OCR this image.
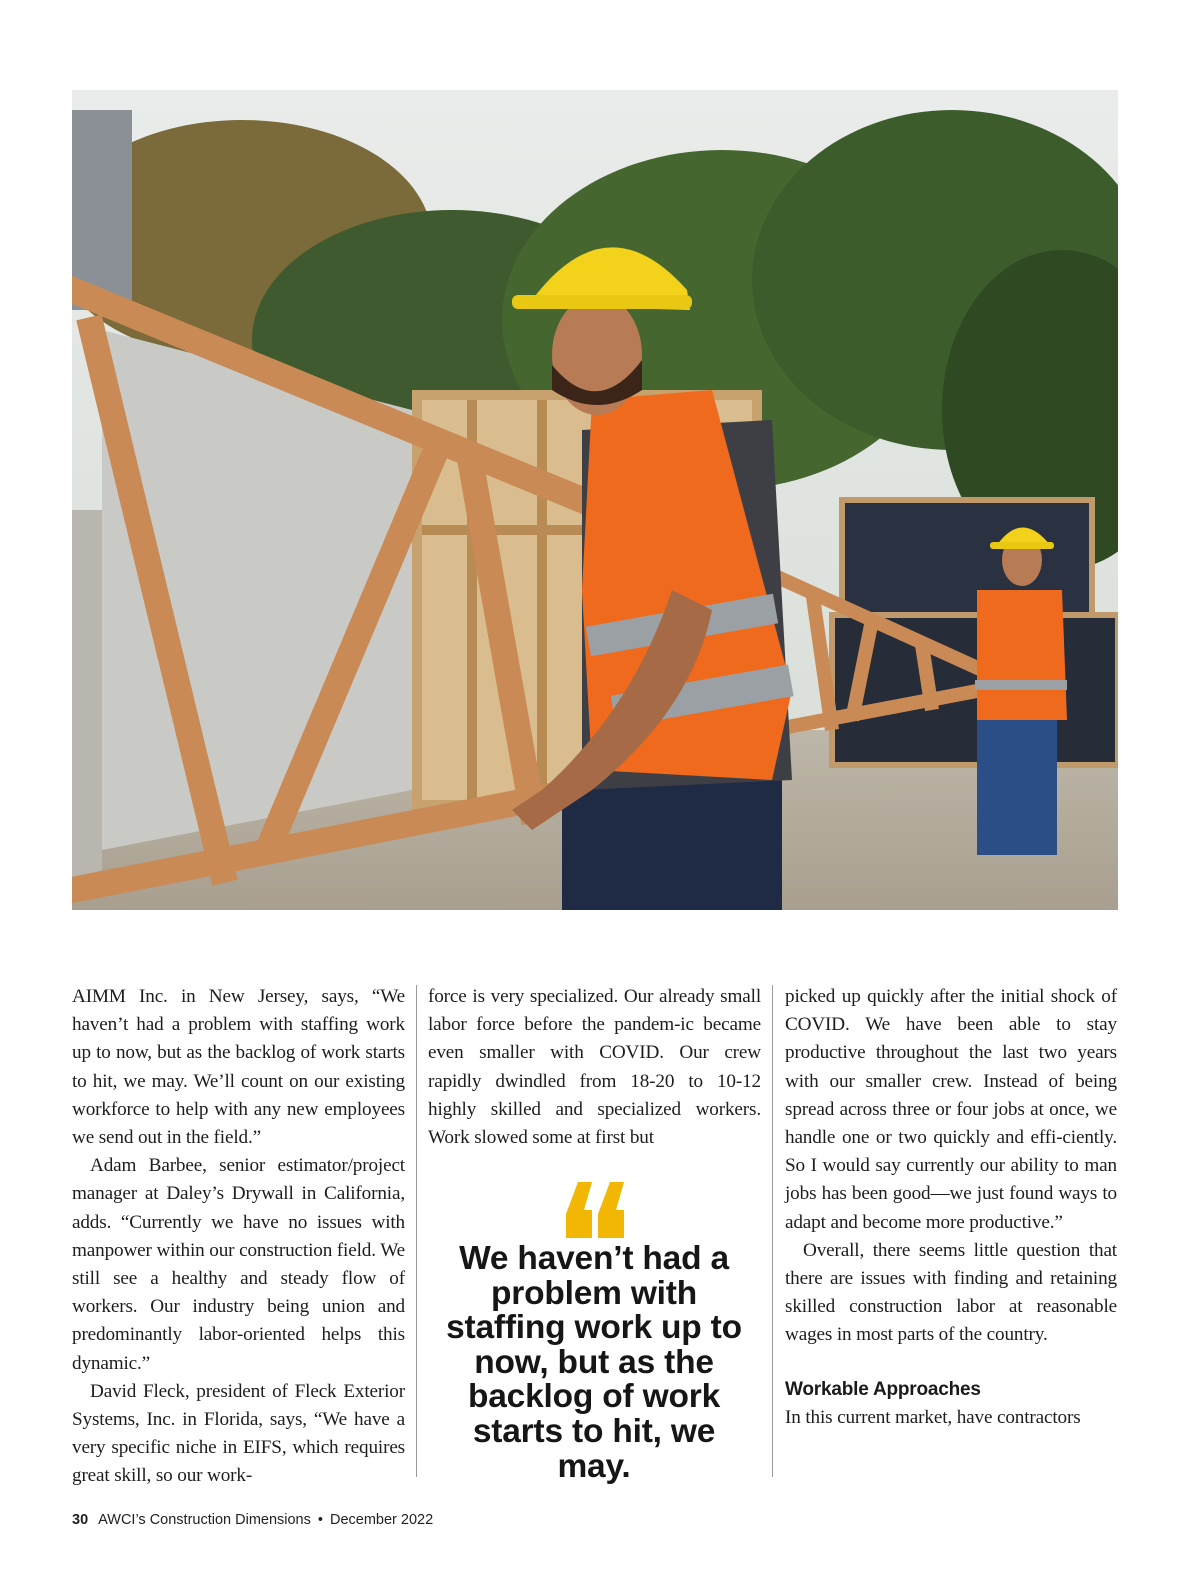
AIMM Inc. in New Jersey, says, “We haven’t had a problem with staffing work up to now, but as the backlog of work starts to hit, we may. We’ll count on our existing workforce to help with any new employees we send out in the field.”

Adam Barbee, senior estimator/project manager at Daley’s Drywall in California, adds. “Currently we have no issues with manpower within our construction field. We still see a healthy and steady flow of workers. Our industry being union and predominantly labor-oriented helps this dynamic.”

David Fleck, president of Fleck Exterior Systems, Inc. in Florida, says, “We have a very specific niche in EIFS, which requires great skill, so our work-

force is very specialized. Our already small labor force before the pandem-ic became even smaller with COVID. Our crew rapidly dwindled from 18-20 to 10-12 highly skilled and specialized workers. Work slowed some at first but

We haven’t had a problem with staffing work up to now, but as the backlog of work starts to hit, we may.

picked up quickly after the initial shock of COVID. We have been able to stay productive throughout the last two years with our smaller crew. Instead of being spread across three or four jobs at once, we handle one or two quickly and effi-ciently. So I would say currently our ability to man jobs has been good—we just found ways to adapt and become more productive.”

Overall, there seems little question that there are issues with finding and retaining skilled construction labor at reasonable wages in most parts of the country.

Workable Approaches

In this current market, have contractors

30 AWCI’s Construction Dimensions • December 2022
